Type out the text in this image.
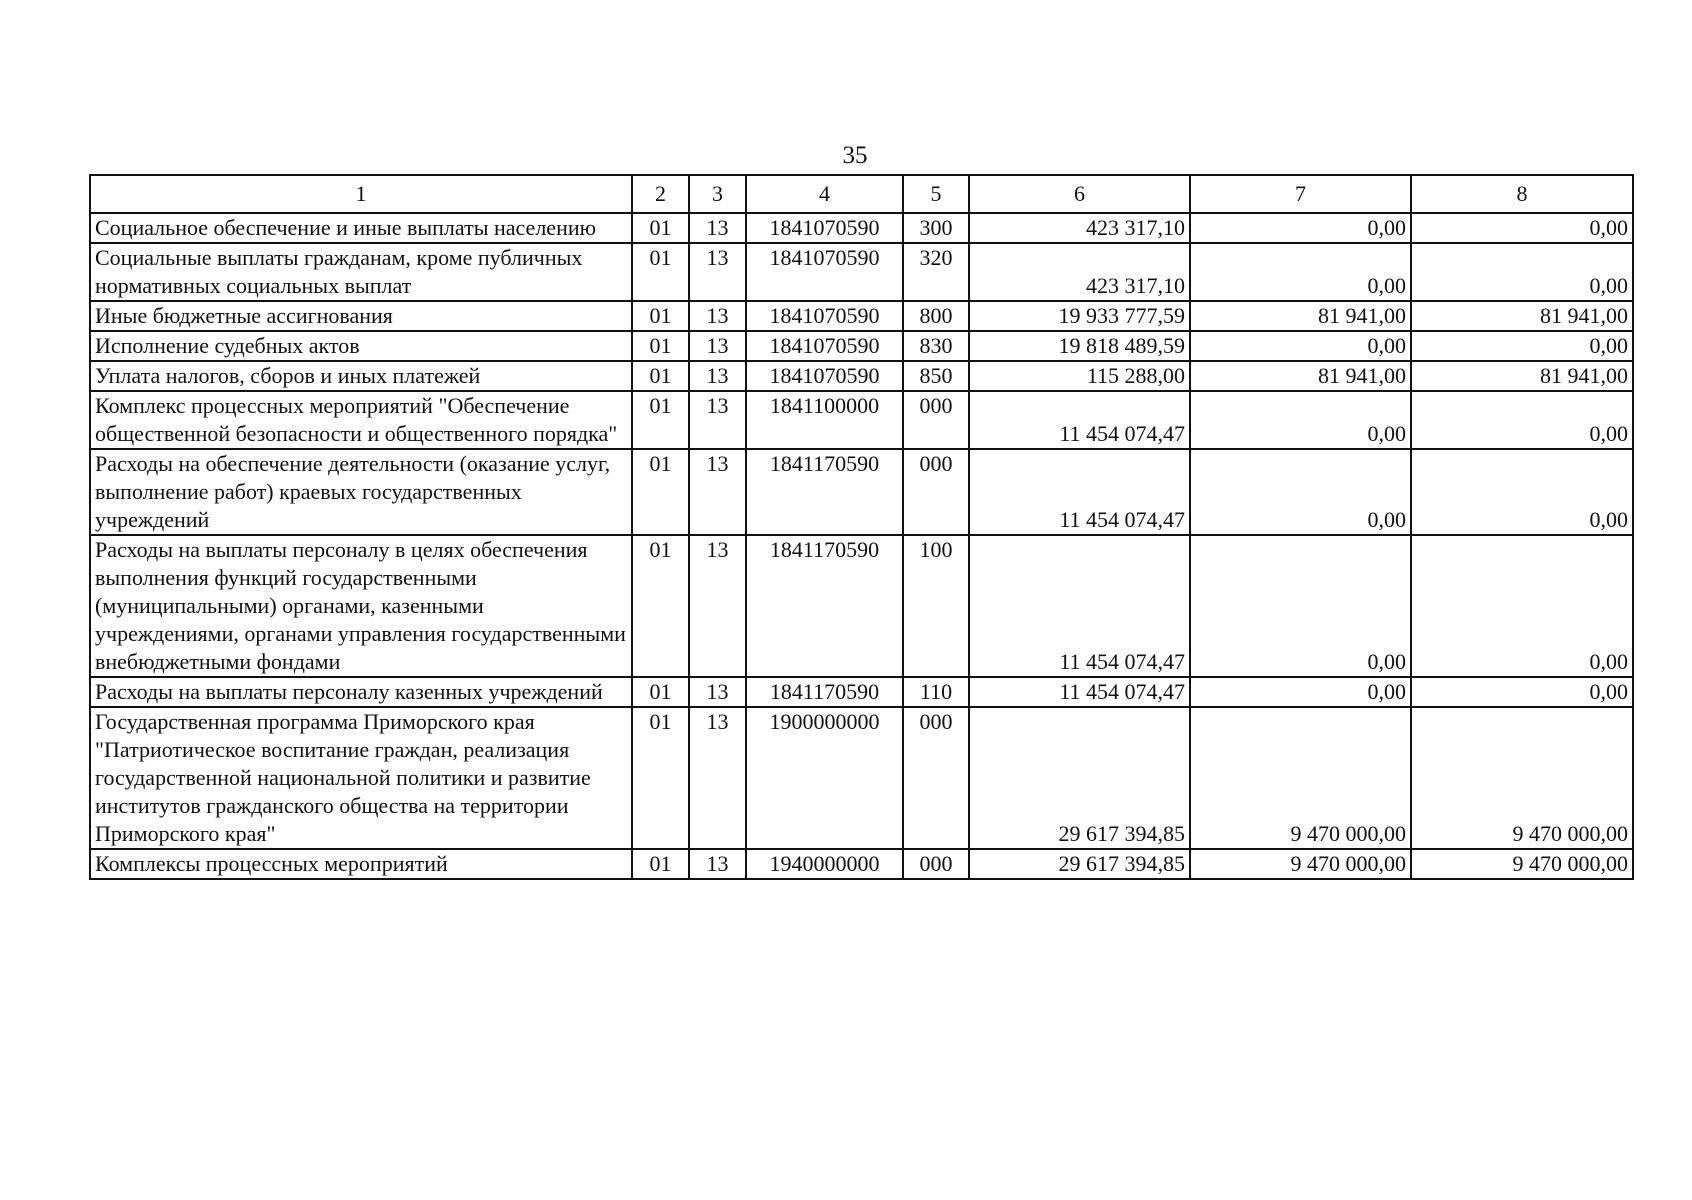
35
1	2	3	4	5	6	7	8
Социальное обеспечение и иные выплаты населению	01	13	1841070590	300	423 317,10	0,00	0,00
Социальные выплаты гражданам, кроме публичных нормативных социальных выплат	01	13	1841070590	320	423 317,10	0,00	0,00
Иные бюджетные ассигнования	01	13	1841070590	800	19 933 777,59	81 941,00	81 941,00
Исполнение судебных актов	01	13	1841070590	830	19 818 489,59	0,00	0,00
Уплата налогов, сборов и иных платежей	01	13	1841070590	850	115 288,00	81 941,00	81 941,00
Комплекс процессных мероприятий "Обеспечение общественной безопасности и общественного порядка"	01	13	1841100000	000	11 454 074,47	0,00	0,00
Расходы на обеспечение деятельности (оказание услуг, выполнение работ) краевых государственных учреждений	01	13	1841170590	000	11 454 074,47	0,00	0,00
Расходы на выплаты персоналу в целях обеспечения выполнения функций государственными (муниципальными) органами, казенными учреждениями, органами управления государственными внебюджетными фондами	01	13	1841170590	100	11 454 074,47	0,00	0,00
Расходы на выплаты персоналу казенных учреждений	01	13	1841170590	110	11 454 074,47	0,00	0,00
Государственная программа Приморского края "Патриотическое воспитание граждан, реализация государственной национальной политики и развитие институтов гражданского общества на территории Приморского края"	01	13	1900000000	000	29 617 394,85	9 470 000,00	9 470 000,00
Комплексы процессных мероприятий	01	13	1940000000	000	29 617 394,85	9 470 000,00	9 470 000,00
